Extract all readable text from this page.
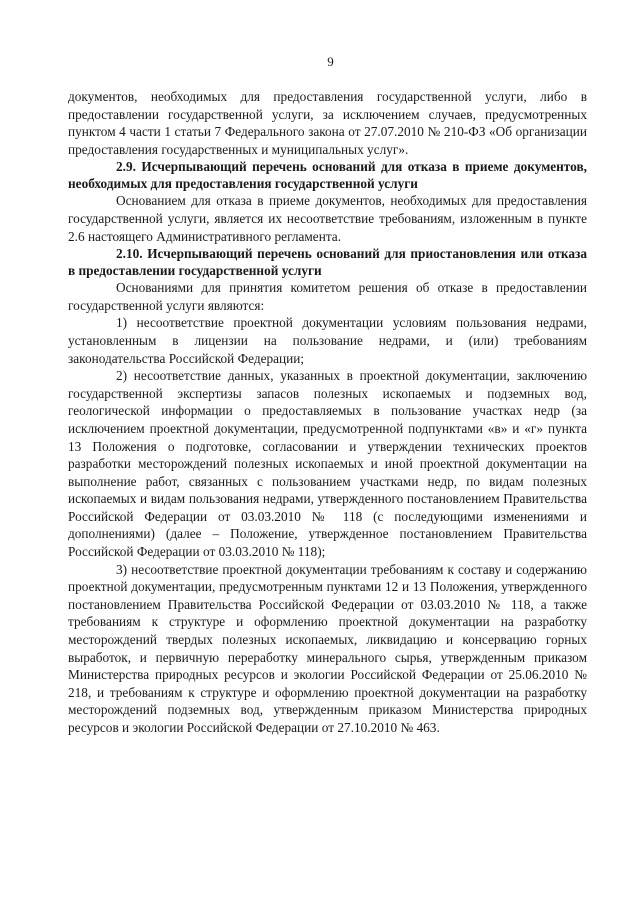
9

документов, необходимых для предоставления государственной услуги, либо в предоставлении государственной услуги, за исключением случаев, предусмотренных пунктом 4 части 1 статьи 7 Федерального закона от 27.07.2010 № 210-ФЗ «Об организации предоставления государственных и муниципальных услуг».

2.9. Исчерпывающий перечень оснований для отказа в приеме документов, необходимых для предоставления государственной услуги

Основанием для отказа в приеме документов, необходимых для предоставления государственной услуги, является их несоответствие требованиям, изложенным в пункте 2.6 настоящего Административного регламента.

2.10. Исчерпывающий перечень оснований для приостановления или отказа в предоставлении государственной услуги

Основаниями для принятия комитетом решения об отказе в предоставлении государственной услуги являются:

1) несоответствие проектной документации условиям пользования недрами, установленным в лицензии на пользование недрами, и (или) требованиям законодательства Российской Федерации;

2) несоответствие данных, указанных в проектной документации, заключению государственной экспертизы запасов полезных ископаемых и подземных вод, геологической информации о предоставляемых в пользование участках недр (за исключением проектной документации, предусмотренной подпунктами «в» и «г» пункта 13 Положения о подготовке, согласовании и утверждении технических проектов разработки месторождений полезных ископаемых и иной проектной документации на выполнение работ, связанных с пользованием участками недр, по видам полезных ископаемых и видам пользования недрами, утвержденного постановлением Правительства Российской Федерации от 03.03.2010 № 118 (с последующими изменениями и дополнениями) (далее – Положение, утвержденное постановлением Правительства Российской Федерации от 03.03.2010 № 118);

3) несоответствие проектной документации требованиям к составу и содержанию проектной документации, предусмотренным пунктами 12 и 13 Положения, утвержденного постановлением Правительства Российской Федерации от 03.03.2010 № 118, а также требованиям к структуре и оформлению проектной документации на разработку месторождений твердых полезных ископаемых, ликвидацию и консервацию горных выработок, и первичную переработку минерального сырья, утвержденным приказом Министерства природных ресурсов и экологии Российской Федерации от 25.06.2010 № 218, и требованиям к структуре и оформлению проектной документации на разработку месторождений подземных вод, утвержденным приказом Министерства природных ресурсов и экологии Российской Федерации от 27.10.2010 № 463.
